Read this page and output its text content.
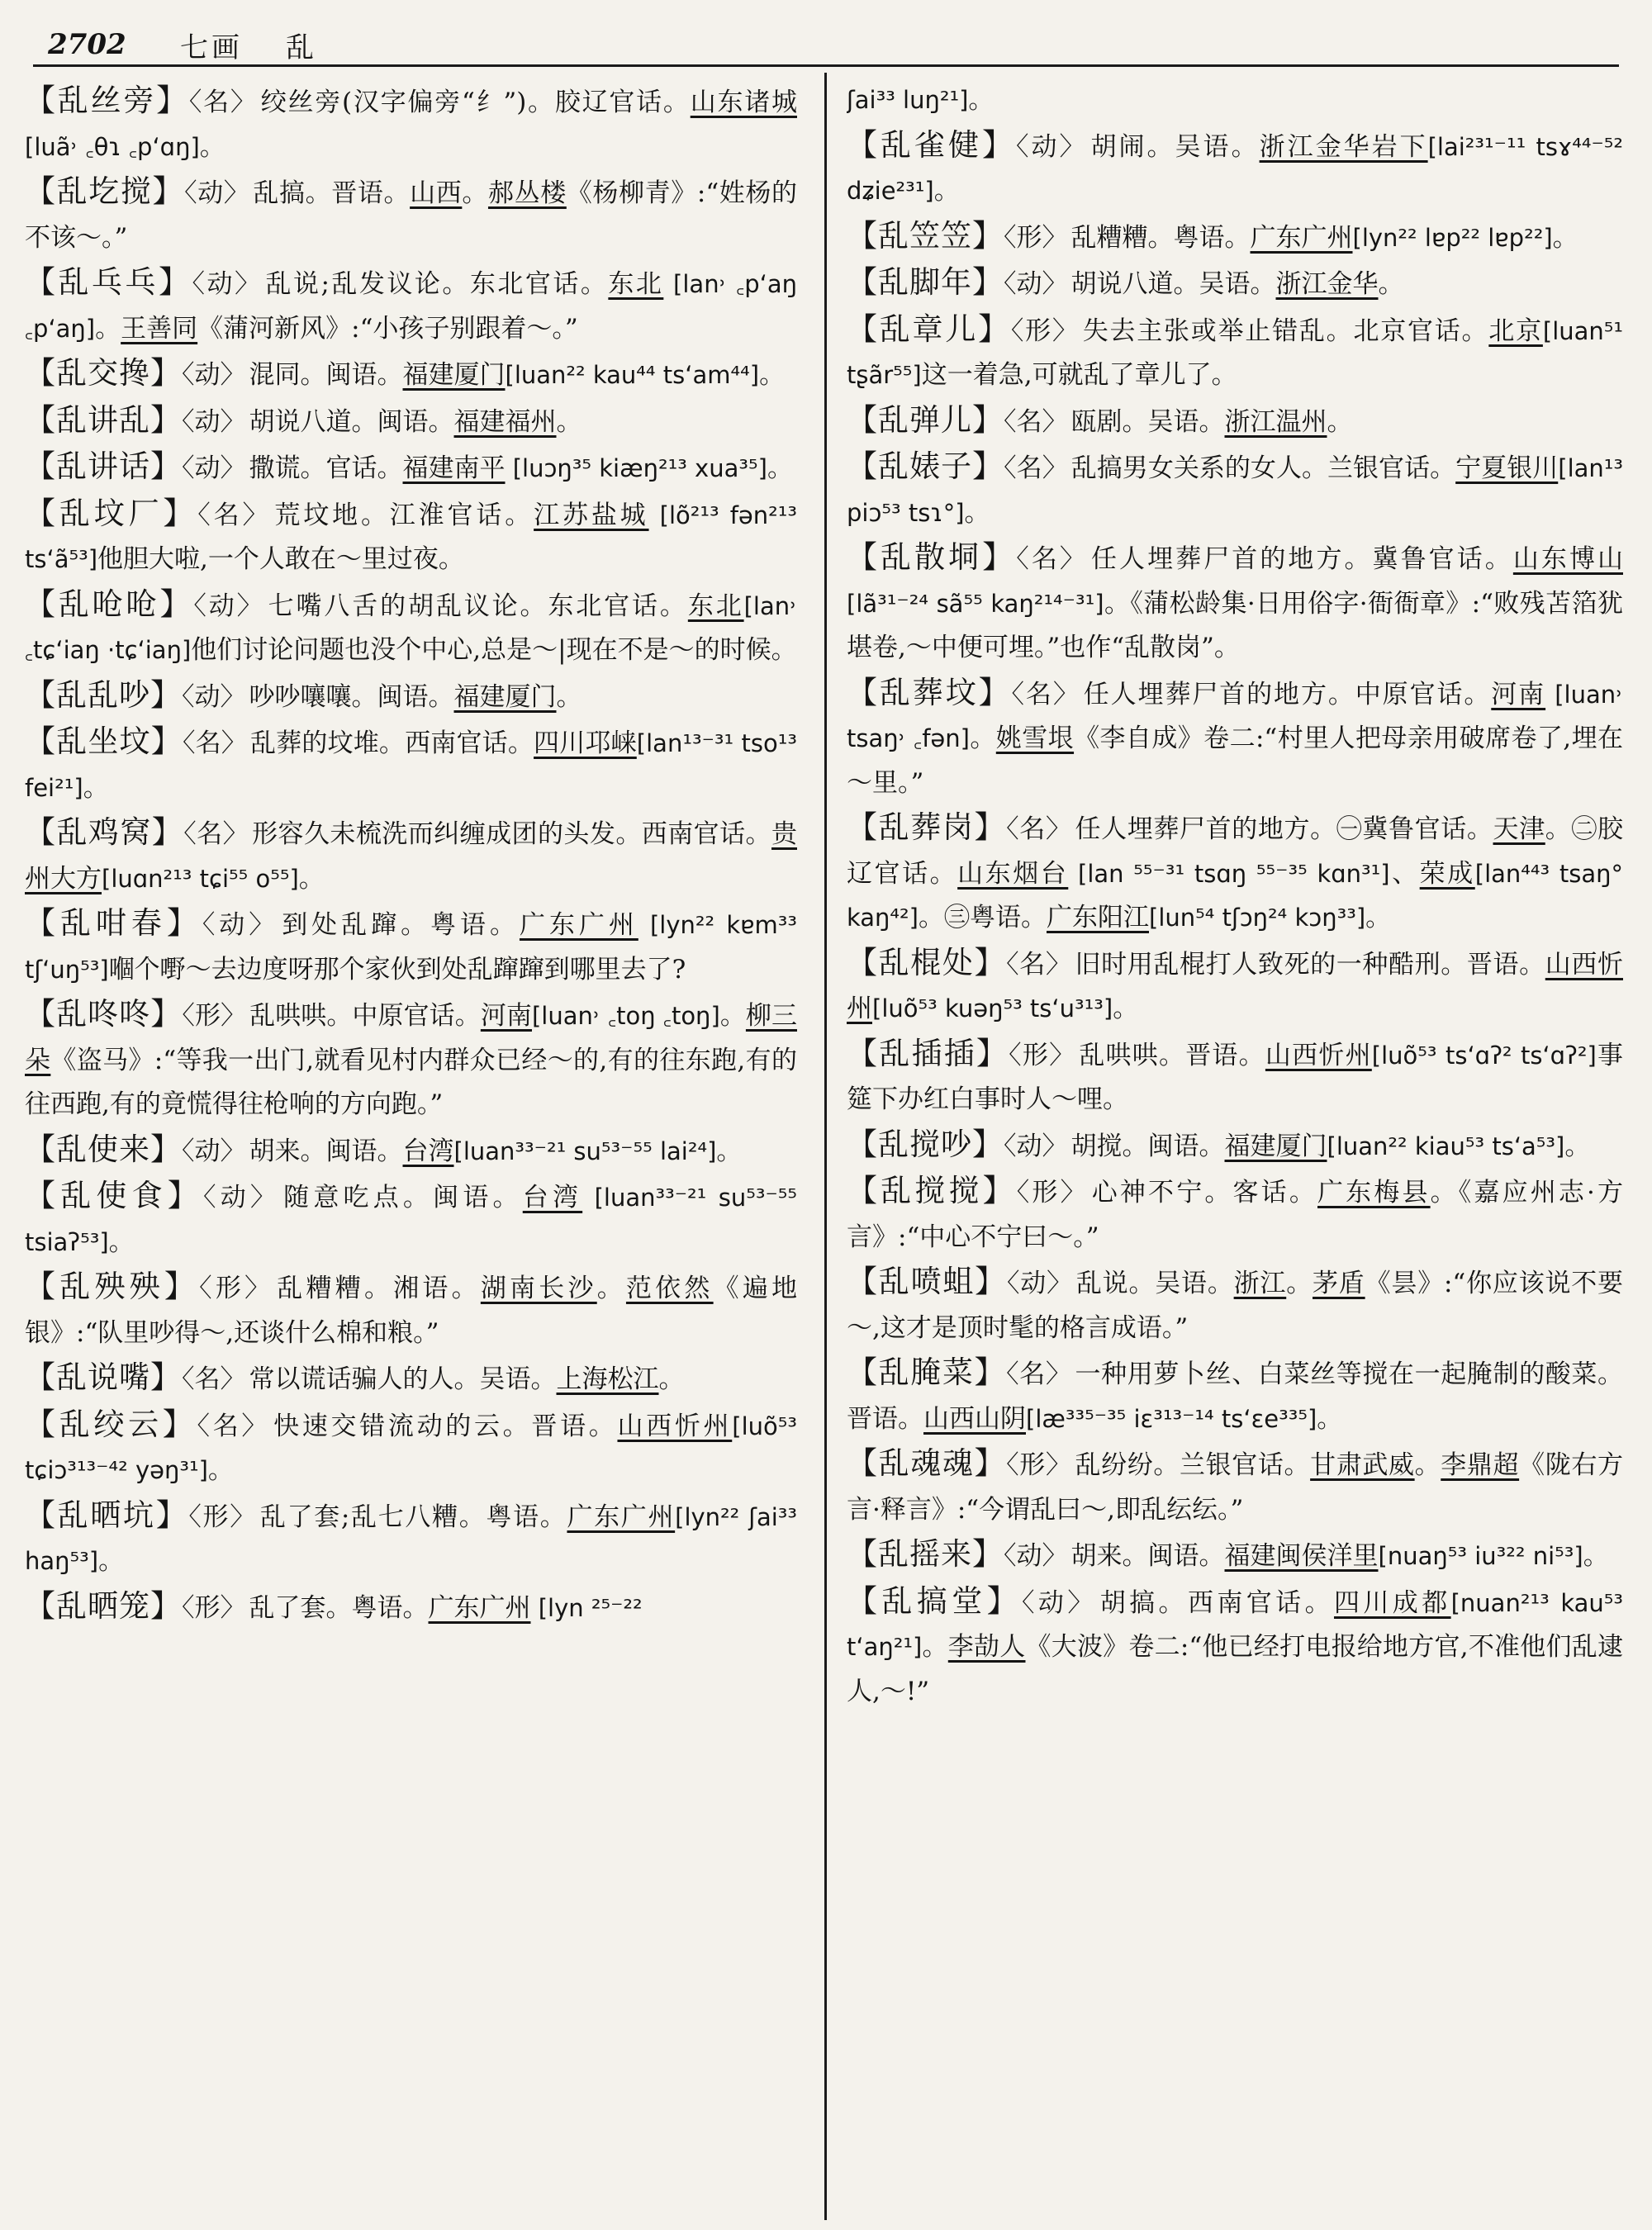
2702 七画 乱

【乱丝旁】〈名〉 绞丝旁(汉字偏旁“纟”)。胶辽官话。山东诸城[luã˒ ꜀θɿ ꜀pʻɑŋ]。

【乱圪搅】〈动〉 乱搞。晋语。山西。郝丛楼《杨柳青》:“姓杨的不该～。”

【乱乓乓】〈动〉 乱说;乱发议论。东北官话。东北 [lan˒ ꜀pʻaŋ ꜀pʻaŋ]。王善同《蒲河新风》:“小孩子别跟着～。”

【乱交搀】〈动〉 混同。闽语。福建厦门[luan²² kau⁴⁴ tsʻam⁴⁴]。

【乱讲乱】〈动〉 胡说八道。闽语。福建福州。

【乱讲话】〈动〉 撒谎。官话。福建南平 [luɔŋ³⁵ kiæŋ²¹³ xua³⁵]。

【乱坟厂】〈名〉 荒坟地。江淮官话。江苏盐城 [lõ²¹³ fən²¹³ tsʻã⁵³]他胆大啦,一个人敢在～里过夜。

【乱呛呛】〈动〉 七嘴八舌的胡乱议论。东北官话。东北[lan˒ ꜀tɕʻiaŋ ·tɕʻiaŋ]他们讨论问题也没个中心,总是～|现在不是～的时候。

【乱乱吵】〈动〉 吵吵嚷嚷。闽语。福建厦门。

【乱坐坟】〈名〉 乱葬的坟堆。西南官话。四川邛崃[lan¹³⁻³¹ tso¹³ fei²¹]。

【乱鸡窝】〈名〉 形容久未梳洗而纠缠成团的头发。西南官话。贵州大方[luɑn²¹³ tɕi⁵⁵ o⁵⁵]。

【乱咁春】〈动〉 到处乱蹿。粤语。广东广州 [lyn²² kɐm³³ tʃʻuŋ⁵³]嗰个嘢～去边度呀那个家伙到处乱蹿蹿到哪里去了?

【乱咚咚】〈形〉 乱哄哄。中原官话。河南[luan˒ ꜀toŋ ꜀toŋ]。柳三朵《盗马》:“等我一出门,就看见村内群众已经～的,有的往东跑,有的往西跑,有的竟慌得往枪响的方向跑。”

【乱使来】〈动〉 胡来。闽语。台湾[luan³³⁻²¹ su⁵³⁻⁵⁵ lai²⁴]。

【乱使食】〈动〉 随意吃点。闽语。台湾 [luan³³⁻²¹ su⁵³⁻⁵⁵ tsiaʔ⁵³]。

【乱殃殃】〈形〉 乱糟糟。湘语。湖南长沙。范依然《遍地银》:“队里吵得～,还谈什么棉和粮。”

【乱说嘴】〈名〉 常以谎话骗人的人。吴语。上海松江。

【乱绞云】〈名〉 快速交错流动的云。晋语。山西忻州[luõ⁵³ tɕiɔ³¹³⁻⁴² yəŋ³¹]。

【乱晒坑】〈形〉 乱了套;乱七八糟。粤语。广东广州[lyn²² ʃai³³ haŋ⁵³]。

【乱晒笼】〈形〉 乱了套。粤语。广东广州 [lyn ²⁵⁻²²

ʃai³³ luŋ²¹]。

【乱雀健】〈动〉 胡闹。吴语。浙江金华岩下[lai²³¹⁻¹¹ tsɤ⁴⁴⁻⁵² dʑie²³¹]。

【乱笠笠】〈形〉 乱糟糟。粤语。广东广州[lyn²² lɐp²² lɐp²²]。

【乱脚年】〈动〉 胡说八道。吴语。浙江金华。

【乱章儿】〈形〉 失去主张或举止错乱。北京官话。北京[luan⁵¹ tʂãr⁵⁵]这一着急,可就乱了章儿了。

【乱弹儿】〈名〉 瓯剧。吴语。浙江温州。

【乱婊子】〈名〉 乱搞男女关系的女人。兰银官话。宁夏银川[lan¹³ piɔ⁵³ tsɿ°]。

【乱散垌】〈名〉 任人埋葬尸首的地方。冀鲁官话。山东博山[lã³¹⁻²⁴ sã⁵⁵ kaŋ²¹⁴⁻³¹]。《蒲松龄集·日用俗字·衙衙章》:“败残苫箔犹堪卷,～中便可埋。”也作“乱散岗”。

【乱葬坟】〈名〉 任人埋葬尸首的地方。中原官话。河南 [luan˒ tsaŋ˒ ꜀fən]。姚雪垠《李自成》卷二:“村里人把母亲用破席卷了,埋在～里。”

【乱葬岗】〈名〉 任人埋葬尸首的地方。㊀冀鲁官话。天津。㊁胶辽官话。山东烟台 [lan ⁵⁵⁻³¹ tsɑŋ ⁵⁵⁻³⁵ kɑn³¹]、荣成[lan⁴⁴³ tsaŋ° kaŋ⁴²]。㊂粤语。广东阳江[lun⁵⁴ tʃɔŋ²⁴ kɔŋ³³]。

【乱棍处】〈名〉 旧时用乱棍打人致死的一种酷刑。晋语。山西忻州[luõ⁵³ kuəŋ⁵³ tsʻu³¹³]。

【乱插插】〈形〉 乱哄哄。晋语。山西忻州[luõ⁵³ tsʻɑʔ² tsʻɑʔ²]事筵下办红白事时人～哩。

【乱搅吵】〈动〉 胡搅。闽语。福建厦门[luan²² kiau⁵³ tsʻa⁵³]。

【乱搅搅】〈形〉 心神不宁。客话。广东梅县。《嘉应州志·方言》:“中心不宁曰～。”

【乱喷蛆】〈动〉 乱说。吴语。浙江。茅盾《昙》:“你应该说不要～,这才是顶时髦的格言成语。”

【乱腌菜】〈名〉 一种用萝卜丝、白菜丝等搅在一起腌制的酸菜。晋语。山西山阴[læ³³⁵⁻³⁵ iɛ³¹³⁻¹⁴ tsʻɛe³³⁵]。

【乱魂魂】〈形〉 乱纷纷。兰银官话。甘肃武威。李鼎超《陇右方言·释言》:“今谓乱曰～,即乱纭纭。”

【乱摇来】〈动〉 胡来。闽语。福建闽侯洋里[nuaŋ⁵³ iu³²² ni⁵³]。

【乱搞堂】〈动〉 胡搞。西南官话。四川成都[nuan²¹³ kau⁵³ tʻaŋ²¹]。李劼人《大波》卷二:“他已经打电报给地方官,不准他们乱逮人,～!”
